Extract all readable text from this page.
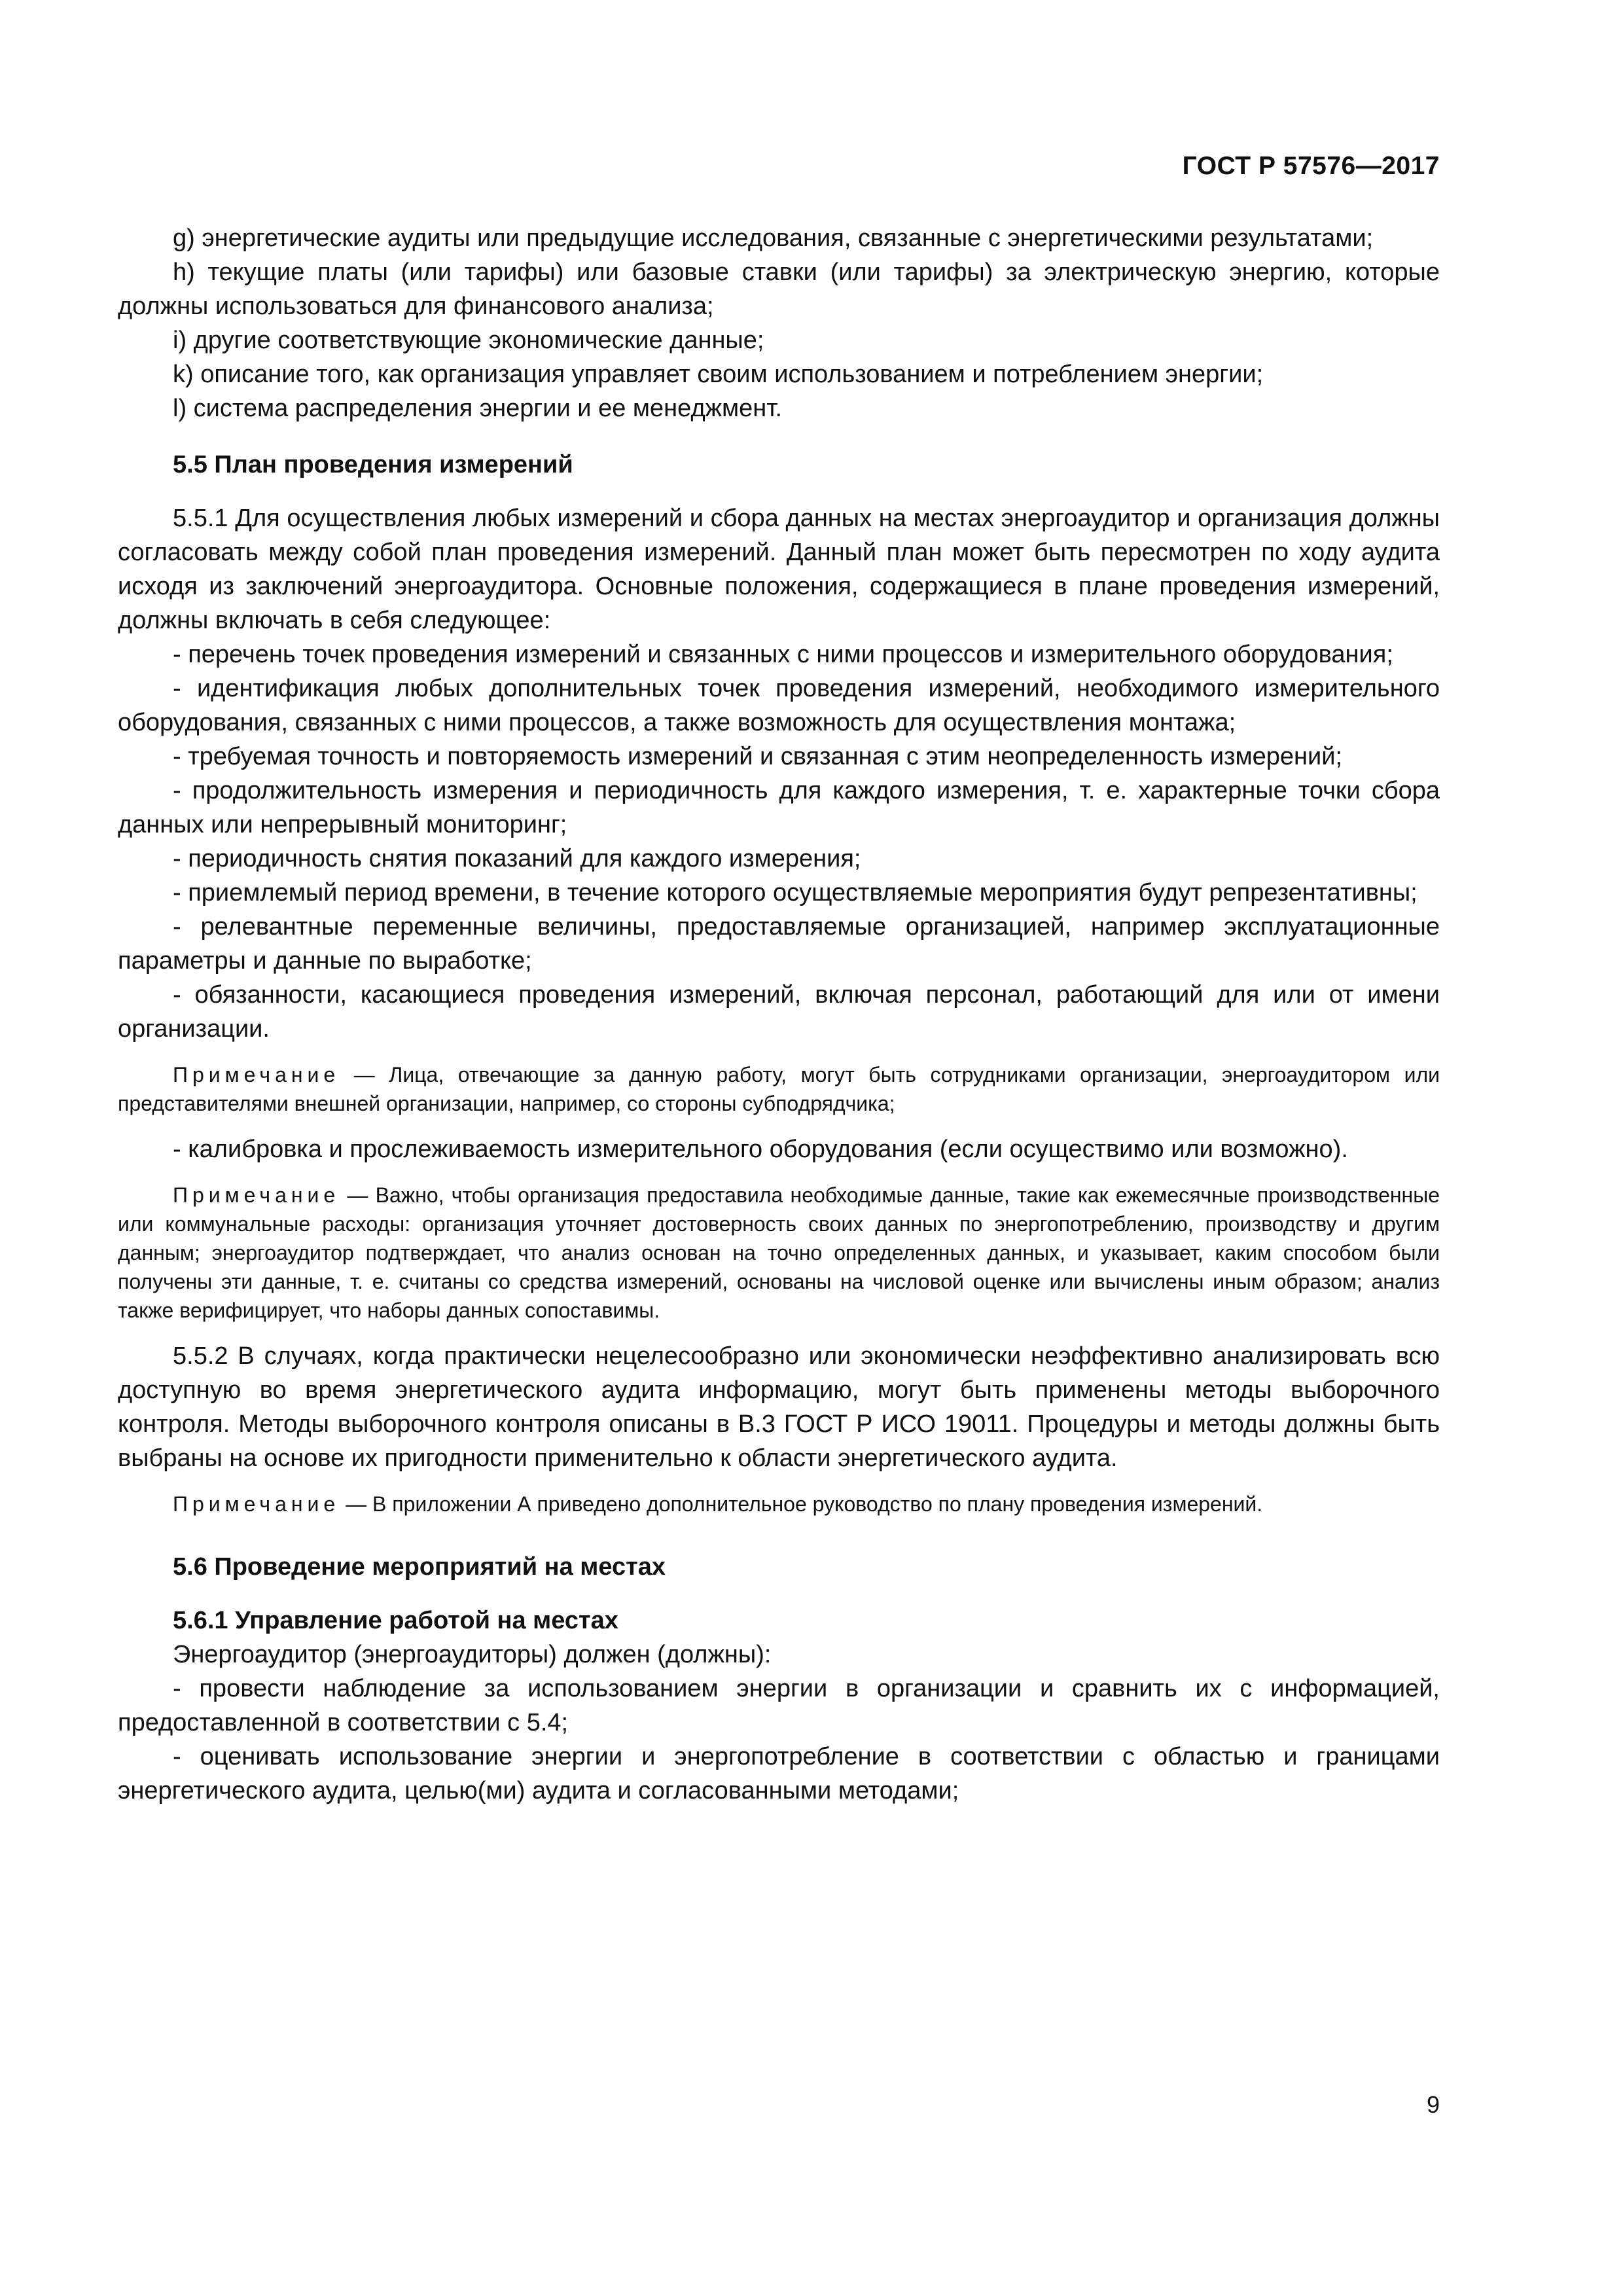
ГОСТ Р 57576—2017

g) энергетические аудиты или предыдущие исследования, связанные с энергетическими результатами;

h) текущие платы (или тарифы) или базовые ставки (или тарифы) за электрическую энергию, которые должны использоваться для финансового анализа;

i) другие соответствующие экономические данные;

k) описание того, как организация управляет своим использованием и потреблением энергии;

l) система распределения энергии и ее менеджмент.

5.5 План проведения измерений

5.5.1 Для осуществления любых измерений и сбора данных на местах энергоаудитор и организация должны согласовать между собой план проведения измерений. Данный план может быть пересмотрен по ходу аудита исходя из заключений энергоаудитора. Основные положения, содержащиеся в плане проведения измерений, должны включать в себя следующее:

- перечень точек проведения измерений и связанных с ними процессов и измерительного оборудования;

- идентификация любых дополнительных точек проведения измерений, необходимого измерительного оборудования, связанных с ними процессов, а также возможность для осуществления монтажа;

- требуемая точность и повторяемость измерений и связанная с этим неопределенность измерений;

- продолжительность измерения и периодичность для каждого измерения, т. е. характерные точки сбора данных или непрерывный мониторинг;

- периодичность снятия показаний для каждого измерения;

- приемлемый период времени, в течение которого осуществляемые мероприятия будут репрезентативны;

- релевантные переменные величины, предоставляемые организацией, например эксплуатационные параметры и данные по выработке;

- обязанности, касающиеся проведения измерений, включая персонал, работающий для или от имени организации.

Примечание — Лица, отвечающие за данную работу, могут быть сотрудниками организации, энергоаудитором или представителями внешней организации, например, со стороны субподрядчика;

- калибровка и прослеживаемость измерительного оборудования (если осуществимо или возможно).

Примечание — Важно, чтобы организация предоставила необходимые данные, такие как ежемесячные производственные или коммунальные расходы: организация уточняет достоверность своих данных по энергопотреблению, производству и другим данным; энергоаудитор подтверждает, что анализ основан на точно определенных данных, и указывает, каким способом были получены эти данные, т. е. считаны со средства измерений, основаны на числовой оценке или вычислены иным образом; анализ также верифицирует, что наборы данных сопоставимы.

5.5.2 В случаях, когда практически нецелесообразно или экономически неэффективно анализировать всю доступную во время энергетического аудита информацию, могут быть применены методы выборочного контроля. Методы выборочного контроля описаны в В.3 ГОСТ Р ИСО 19011. Процедуры и методы должны быть выбраны на основе их пригодности применительно к области энергетического аудита.

Примечание — В приложении А приведено дополнительное руководство по плану проведения измерений.

5.6 Проведение мероприятий на местах
5.6.1 Управление работой на местах

Энергоаудитор (энергоаудиторы) должен (должны):

- провести наблюдение за использованием энергии в организации и сравнить их с информацией, предоставленной в соответствии с 5.4;

- оценивать использование энергии и энергопотребление в соответствии с областью и границами энергетического аудита, целью(ми) аудита и согласованными методами;

9
